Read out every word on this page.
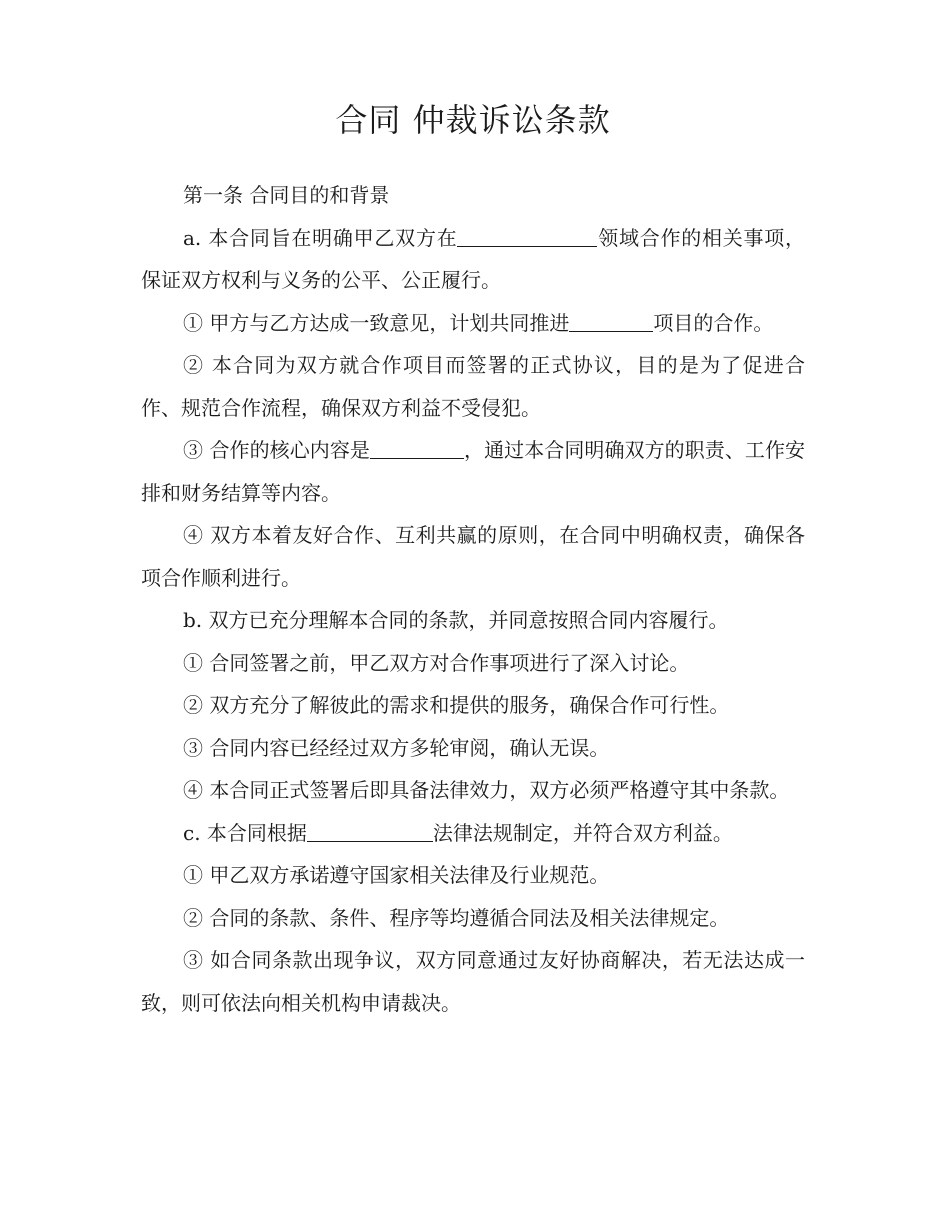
合同 仲裁诉讼条款

第一条 合同目的和背景

a. 本合同旨在明确甲乙双方在	领域合作的相关事项，保证双方权利与义务的公平、公正履行。

① 甲方与乙方达成一致意见，计划共同推进	项目的合作。

② 本合同为双方就合作项目而签署的正式协议，目的是为了促进合作、规范合作流程，确保双方利益不受侵犯。

③ 合作的核心内容是	，通过本合同明确双方的职责、工作安排和财务结算等内容。

④ 双方本着友好合作、互利共赢的原则，在合同中明确权责，确保各项合作顺利进行。

b. 双方已充分理解本合同的条款，并同意按照合同内容履行。

① 合同签署之前，甲乙双方对合作事项进行了深入讨论。

② 双方充分了解彼此的需求和提供的服务，确保合作可行性。

③ 合同内容已经经过双方多轮审阅，确认无误。

④ 本合同正式签署后即具备法律效力，双方必须严格遵守其中条款。

c. 本合同根据	法律法规制定，并符合双方利益。

① 甲乙双方承诺遵守国家相关法律及行业规范。

② 合同的条款、条件、程序等均遵循合同法及相关法律规定。

③ 如合同条款出现争议，双方同意通过友好协商解决，若无法达成一致，则可依法向相关机构申请裁决。
